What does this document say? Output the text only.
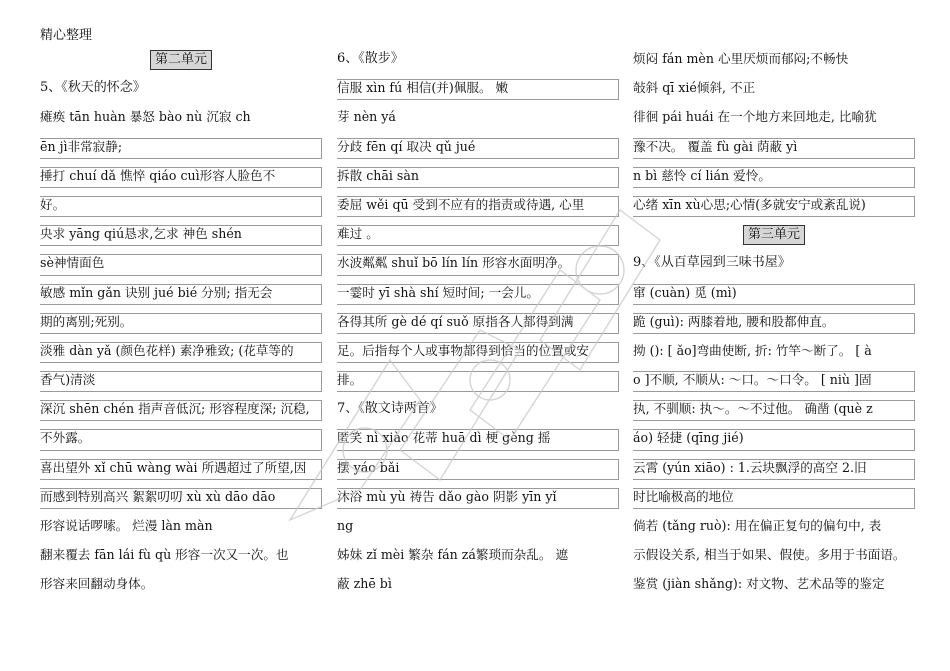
精心整理
第二单元
5、《秋天的怀念》
瘫痪 tān huàn 暴怒 bào nù 沉寂 ch
ēn jì非常寂静;
捶打 chuí dǎ 憔悴 qiáo cuì形容人脸色不
好。
央求 yāng qiú恳求,乞求 神色 shén
sè神情面色
敏感 mǐn gǎn 诀别 jué bié 分别; 指无会
期的离别;死别。
淡雅 dàn yǎ (颜色花样) 素净雅致; (花草等的
香气)清淡
深沉 shēn chén 指声音低沉; 形容程度深; 沉稳,
不外露。
喜出望外 xǐ chū wàng wài 所遇超过了所望,因
而感到特别高兴 絮絮叨叨 xù xù dāo dāo
形容说话啰嗦。 烂漫 làn màn
翻来覆去 fān lái fù qù 形容一次又一次。也
形容来回翻动身体。
6、《散步》
信服 xìn fú 相信(并)佩服。 嫩
芽 nèn yá
分歧 fēn qí 取决 qǔ jué
拆散 chāi sàn
委屈 wěi qū 受到不应有的指责或待遇, 心里
难过 。
水波粼粼 shuǐ bō lín lín 形容水面明净。
一霎时 yī shà shí 短时间; 一会儿。
各得其所 gè dé qí suǒ 原指各人都得到满
足。后指每个人或事物都得到恰当的位置或安
排。
7、《散文诗两首》
匿笑 nì xiào 花蒂 huā dì 梗 gěng 摇
摆 yáo bǎi
沐浴 mù yù 祷告 dǎo gào 阴影 yīn yǐ
ng
姊妹 zǐ mèi 繁杂 fán zá繁琐而杂乱。 遮
蔽 zhē bì
烦闷 fán mèn 心里厌烦而郁闷;不畅快
敧斜 qī xié倾斜, 不正
徘徊 pái huái 在一个地方来回地走, 比喻犹
豫不决。 覆盖 fù gài 荫蔽 yì
n bì 慈怜 cí lián 爱怜。
心绪 xīn xù心思;心情(多就安宁或紊乱说)
第三单元
9、《从百草园到三味书屋》
窜 (cuàn) 觅 (mì)
跪 (guì): 两膝着地, 腰和股都伸直。
拗 (): [ ǎo]弯曲使断, 折: 竹竿～断了。 [ à
o ]不顺, 不顺从: ～口。～口令。 [ niù ]固
执, 不驯顺: 执～。～不过他。 确凿 (què z
áo) 轻捷 (qīng jié)
云霄 (yún xiāo) : 1.云块飘浮的高空 2.旧
时比喻极高的地位
倘若 (tǎng ruò): 用在偏正复句的偏句中, 表
示假设关系, 相当于如果、假使。多用于书面语。
鉴赏 (jiàn shǎng): 对文物、艺术品等的鉴定
